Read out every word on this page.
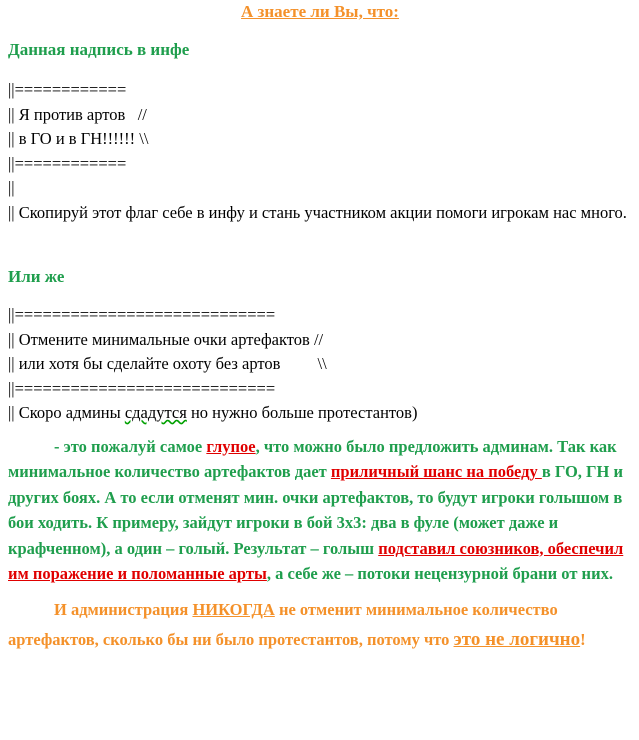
А знаете ли Вы, что:
Данная надпись в инфе
||============
|| Я против артов   //
|| в ГО и в ГН!!!!!! \\
||============
||
|| Скопируй этот флаг себе в инфу и стань участником акции помоги игрокам нас много.
Или же
||============================
|| Отмените минимальные очки артефактов //
|| или хотя бы сделайте охоту без артов         \\
||============================
|| Скоро админы сдадутся но нужно больше протестантов)
- это пожалуй самое глупое, что можно было предложить админам. Так как минимальное количество артефактов дает приличный шанс на победу в ГО, ГН и других боях. А то если отменят мин. очки артефактов, то будут игроки голышом в бои ходить. К примеру, зайдут игроки в бой 3х3: два в фуле (может даже и крафченном), а один – голый. Результат – голыш подставил союзников, обеспечил им поражение и поломанные арты, а себе же – потоки нецензурной брани от них.
И администрация НИКОГДА не отменит минимальное количество артефактов, сколько бы ни было протестантов, потому что это не логично!
